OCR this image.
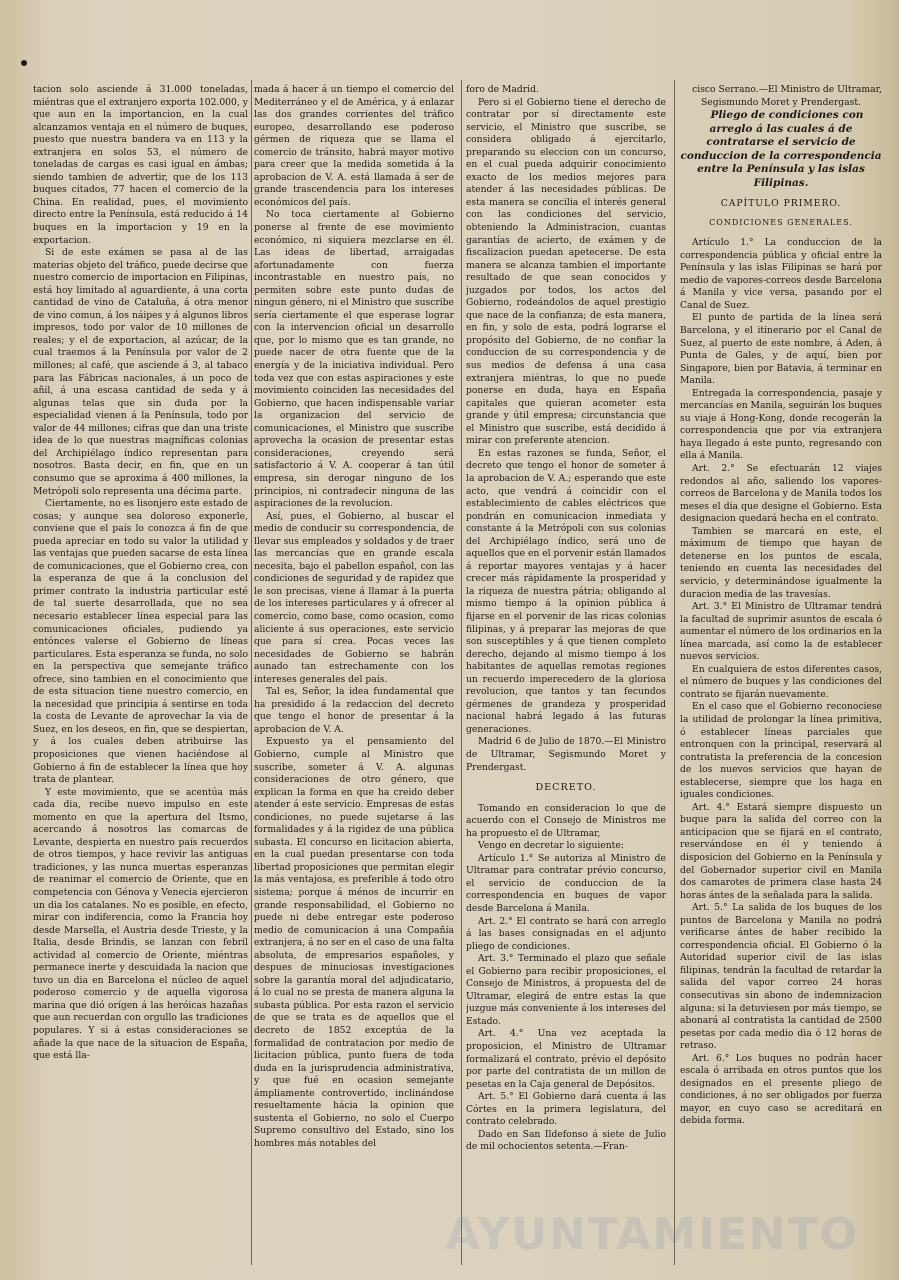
tacion solo asciende á 31.000 toneladas, miéntras que el extranjero exporta 102.000, y que aun en la importancion, en la cual alcanzamos ventaja en el número de buques, puesto que nuestra bandera va en 113 y la extranjera en solos 53, el número de toneladas de cargas es casi igual en ámbas; siendo tambien de advertir, que de los 113 buques citados, 77 hacen el comercio de la China. En realidad, pues, el movimiento directo entre la Península, está reducido á 14 buques en la importacion y 19 en la exportacion.

Si de este exámen se pasa al de las materias objeto del tráfico, puede decirse que nuestro comercio de importacion en Filipinas, está hoy limitado al aguardiente, á una corta cantidad de vino de Cataluña, á otra menor de vino comun, á los náipes y á algunos libros impresos, todo por valor de 10 millones de reales; y el de exportacion, al azúcar, de la cual traemos á la Península por valor de 2 millones; al café, que asciende á 3, al tabaco para las Fábricas nacionales, á un poco de añil, á una escasa cantidad de seda y á algunas telas que sin duda por la especialidad vienen á la Península, todo por valor de 44 millones; cifras que dan una triste idea de lo que nuestras magníficas colonias del Archipiélago índico representan para nosotros. Basta decir, en fin, que en un consumo que se aproxima á 400 millones, la Metrópoli solo representa una décima parte.

Ciertamente, no es lisonjero este estado de cosas; y aunque sea doloroso exponerle, conviene que el país lo conozca á fin de que pueda apreciar en todo su valor la utilidad y las ventajas que pueden sacarse de esta línea de comunicaciones, que el Gobierno crea, con la esperanza de que á la conclusion del primer contrato la industria particular esté de tal suerte desarrollada, que no sea necesario establecer línea especial para las comunicaciones oficiales, pudiendo ya entónces valerse el Gobierno de líneas particulares. Esta esperanza se funda, no solo en la perspectiva que semejante tráfico ofrece, sino tambien en el conocimiento que de esta situacion tiene nuestro comercio, en la necesidad que principia á sentirse en toda la costa de Levante de aprovechar la via de Suez, en los deseos, en fin, que se despiertan, y á los cuales deben atribuirse las proposiciones que vienen haciéndose al Gobierno á fin de establecer la línea que hoy trata de plantear.

Y este movimiento, que se acentúa más cada dia, recibe nuevo impulso en este momento en que la apertura del Itsmo, acercando á nosotros las comarcas de Levante, despierta en nuestro país recuerdos de otros tiempos, y hace revivir las antiguas tradiciones, y las nunca muertas esperanzas de reanimar el comercio de Oriente, que en competencia con Génova y Venecia ejercieron un dia los catalanes. No es posible, en efecto, mirar con indiferencia, como la Francia hoy desde Marsella, el Austria desde Trieste, y la Italia, desde Brindis, se lanzan con febril actividad al comercio de Oriente, miéntras permanece inerte y descuidada la nacion que tuvo un dia en Barcelona el núcleo de aquel poderoso comercio y de aquella vigorosa marina que dió orígen á las heróicas hazañas que aun recuerdan con orgullo las tradiciones populares. Y si á estas consideraciones se añade la que nace de la situacion de España, que está lla-

mada á hacer á un tiempo el comercio del Mediterráneo y el de América, y á enlazar las dos grandes corrientes del tráfico europeo, desarrollando ese poderoso gérmen de riqueza que se llama el comercio de tránsito, habrá mayor motivo para creer que la medida sometida á la aprobacion de V. A. está llamada á ser de grande trascendencia para los intereses económicos del país.

No toca ciertamente al Gobierno ponerse al frente de ese movimiento económico, ni siquiera mezclarse en él. Las ideas de libertad, arraigadas afortunadamente con fuerza incontrastable en nuestro país, no permiten sobre este punto dudas de ningun género, ni el Ministro que suscribe sería ciertamente el que esperase lograr con la intervencion oficial un desarrollo que, por lo mismo que es tan grande, no puede nacer de otra fuente que de la energía y de la iniciativa individual. Pero toda vez que con estas aspiraciones y este movimiento coinciden las necesidades del Gobierno, que hacen indispensable variar la organizacion del servicio de comunicaciones, el Ministro que suscribe aprovecha la ocasion de presentar estas consideraciones, creyendo será satisfactorio á V. A. cooperar á tan útil empresa, sin derogar ninguno de los principios, ni contradecir ninguna de las aspiraciones de la revolucion.

Así, pues, el Gobierno, al buscar el medio de conducir su correspondencia, de llevar sus empleados y soldados y de traer las mercancías que en grande escala necesita, bajo el pabellon español, con las condiciones de seguridad y de rapidez que le son precisas, viene á llamar á la puerta de los intereses particulares y á ofrecer al comercio, como base, como ocasion, como aliciente á sus operaciones, este servicio que para sí crea. Pocas veces las necesidades de Gobierno se habrán aunado tan estrechamente con los intereses generales del país.

Tal es, Señor, la idea fundamental que ha presidido á la redaccion del decreto que tengo el honor de presentar á la aprobacion de V. A.

Expuesto ya el pensamiento del Gobierno, cumple al Ministro que suscribe, someter á V. A. algunas consideraciones de otro género, que explican la forma en que ha creido deber atender á este servicio. Empresas de estas condiciones, no puede sujetarse á las formalidades y á la rigidez de una pública subasta. El concurso en licitacion abierta, en la cual puedan presentarse con toda libertad proposiciones que permitan elegir la más ventajosa, es preferible á todo otro sistema; porque á ménos de incurrir en grande responsabilidad, el Gobierno no puede ni debe entregar este poderoso medio de comunicacion á una Compañía extranjera, á no ser en el caso de una falta absoluta, de empresarios españoles, y despues de minuciosas investigaciones sobre la garantía moral del adjudicatario, á lo cual no se presta de manera alguna la subasta pública. Por esta razon el servicio de que se trata es de aquellos que el decreto de 1852 exceptúa de la formalidad de contratacion por medio de licitacion pública, punto fuera de toda duda en la jurisprudencia administrativa, y que fué en ocasion semejante ámpliamente controvertido, inclinándose resueltamente hácia la opinion que sustenta el Gobierno, no solo el Cuerpo Supremo consultivo del Estado, sino los hombres más notables del

foro de Madrid.

Pero si el Gobierno tiene el derecho de contratar por sí directamente este servicio, el Ministro que suscribe, se considera obligado á ejercitarlo, preparando su eleccion con un concurso, en el cual pueda adquirir conocimiento exacto de los medios mejores para atender á las necesidades públicas. De esta manera se concilia el interés general con las condiciones del servicio, obteniendo la Administracion, cuantas garantías de acierto, de exámen y de fiscalizacion puedan apetecerse. De esta manera se alcanza tambien el importante resultado de que sean conocidos y juzgados por todos, los actos del Gobierno, rodeándolos de aquel prestigio que nace de la confianza; de esta manera, en fin, y solo de esta, podrá lograrse el propósito del Gobierno, de no confiar la conduccion de su correspondencia y de sus medios de defensa á una casa extranjera miéntras, lo que no puede ponerse en duda, haya en España capitales que quieran acometer esta grande y útil empresa; circunstancia que el Ministro que suscribe, está decidido á mirar con preferente atencion.

En estas razones se funda, Señor, el decreto que tengo el honor de someter á la aprobacion de V. A.; esperando que este acto, que vendrá á coincidir con el establecimiento de cables eléctricos que pondrán en comunicacion inmediata y constante á la Metrópoli con sus colonias del Archipiélago índico, será uno de aquellos que en el porvenir están llamados á reportar mayores ventajas y á hacer crecer más rápidamente la prosperidad y la riqueza de nuestra pátria; obligando al mismo tiempo á la opinion pública á fijarse en el porvenir de las ricas colonias filipinas, y á preparar las mejoras de que son susceptibles y á que tienen completo derecho, dejando al mismo tiempo á los habitantes de aquellas remotas regiones un recuerdo imperecedero de la gloriosa revolucion, que tantos y tan fecundos gérmenes de grandeza y prosperidad nacional habrá legado á las futuras generaciones.

Madrid 6 de Julio de 1870.—El Ministro de Ultramar, Segismundo Moret y Prendergast.

DECRETO.

Tomando en consideracion lo que de acuerdo con el Consejo de Ministros me ha propuesto el de Ultramar,

Vengo en decretar lo siguiente:

Artículo 1.° Se autoriza al Ministro de Ultramar para contratar prévio concurso, el servicio de conduccion de la correspondencia en buques de vapor desde Barcelona á Manila.

Art. 2.° El contrato se hará con arreglo á las bases consignadas en el adjunto pliego de condiciones.

Art. 3.° Terminado el plazo que señale el Gobierno para recibir proposiciones, el Consejo de Ministros, á propuesta del de Ultramar, elegirá de entre estas la que juzgue más conveniente á los intereses del Estado.

Art. 4.° Una vez aceptada la proposicion, el Ministro de Ultramar formalizará el contrato, prévio el depósito por parte del contratista de un millon de pesetas en la Caja general de Depósitos.

Art. 5.° El Gobierno dará cuenta á las Córtes en la primera legislatura, del contrato celebrado.

Dado en San Ildefonso á siete de Julio de mil ochocientos setenta.—Fran-

cisco Serrano.—El Ministro de Ultramar, Segismundo Moret y Prendergast.

Pliego de condiciones con arreglo á las cuales á de contratarse el servicio de conduccion de la correspondencia entre la Península y las islas Filipinas.

CAPÍTULO PRIMERO.
CONDICIONES GENERALES.

Artículo 1.° La conduccion de la correspondencia pública y oficial entre la Península y las islas Filipinas se hará por medio de vapores-correos desde Barcelona á Manila y vice versa, pasando por el Canal de Suez.

El punto de partida de la línea será Barcelona, y el itinerario por el Canal de Suez, al puerto de este nombre, á Aden, á Punta de Gales, y de aquí, bien por Singapore, bien por Batavia, á terminar en Manila.

Entregada la correspondencia, pasaje y mercancías en Manila, seguirán los buques su viaje á Hong-Kong, donde recogerán la correspondencia que por via extranjera haya llegado á este punto, regresando con ella á Manila.

Art. 2.° Se efectuarán 12 viajes redondos al año, saliendo los vapores-correos de Barcelona y de Manila todos los meses el dia que designe el Gobierno. Esta designacion quedará hecha en el contrato.

Tambien se marcará en este, el máximum de tiempo que hayan de detenerse en los puntos de escala, teniendo en cuenta las necesidades del servicio, y determinándose igualmente la duracion media de las travesías.

Art. 3.° El Ministro de Ultramar tendrá la facultad de suprimir asuntos de escala ó aumentar el número de los ordinarios en la línea marcada, así como la de establecer nuevos servicios.

En cualquiera de estos diferentes casos, el número de buques y las condiciones del contrato se fijarán nuevamente.

En el caso que el Gobierno reconociese la utilidad de prolongar la línea primitiva, ó establecer líneas parciales que entronquen con la principal, reservará al contratista la preferencia de la concesion de los nuevos servicios que hayan de establecerse, siempre que los haga en iguales condiciones.

Art. 4.° Estará siempre dispuesto un buque para la salida del correo con la anticipacion que se fijará en el contrato, reservándose en él y teniendo á disposicion del Gobierno en la Península y del Gobernador superior civil en Manila dos camarotes de primera clase hasta 24 horas ántes de la señalada para la salida.

Art. 5.° La salida de los buques de los puntos de Barcelona y Manila no podrá verificarse ántes de haber recibido la correspondencia oficial. El Gobierno ó la Autoridad superior civil de las islas filipinas, tendrán la facultad de retardar la salida del vapor correo 24 horas consecutivas sin abono de indemnizacion alguna: si la detuviesen por más tiempo, se abonará al contratista la cantidad de 2500 pesetas por cada medio dia ó 12 horas de retraso.

Art. 6.° Los buques no podrán hacer escala ó arribada en otros puntos que los designados en el presente pliego de condiciones, á no ser obligados por fuerza mayor, en cuyo caso se acreditará en debida forma.

AYUNTAMIENTO
